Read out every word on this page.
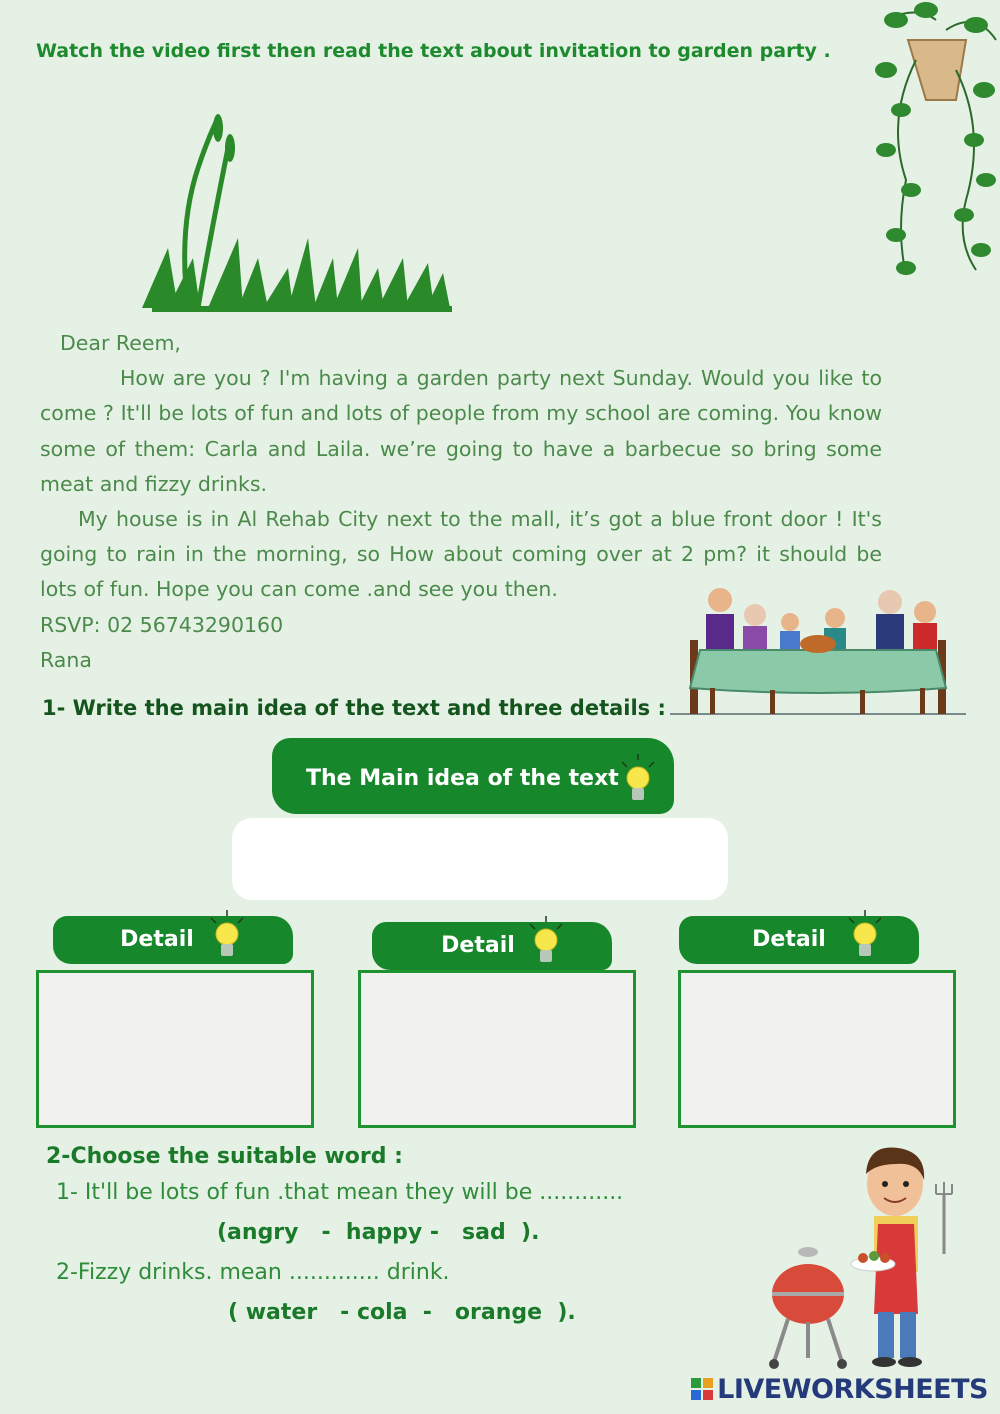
Watch the video first then read the text about invitation to garden party .

Dear Reem,

How are you ? I'm having a garden party next Sunday. Would you like to come ? It'll be lots of fun and lots of people from my school are coming. You know some of them: Carla and Laila. we’re going to have a barbecue so bring some meat and fizzy drinks.

My house is in Al Rehab City next to the mall, it’s got a blue front door ! It's going to rain in the morning, so How about coming over at 2 pm? it should be lots of fun. Hope you can come .and see you then.

RSVP: 02 56743290160

Rana

1- Write the main idea of the text and three details :
The Main idea of the text
Detail	Detail	Detail
2-Choose the suitable word :
1- It'll be lots of fun .that mean they will be ............
(angry   -  happy -   sad  ).
2-Fizzy drinks. mean ............. drink.
( water   - cola  -   orange  ).
LIVEWORKSHEETS
